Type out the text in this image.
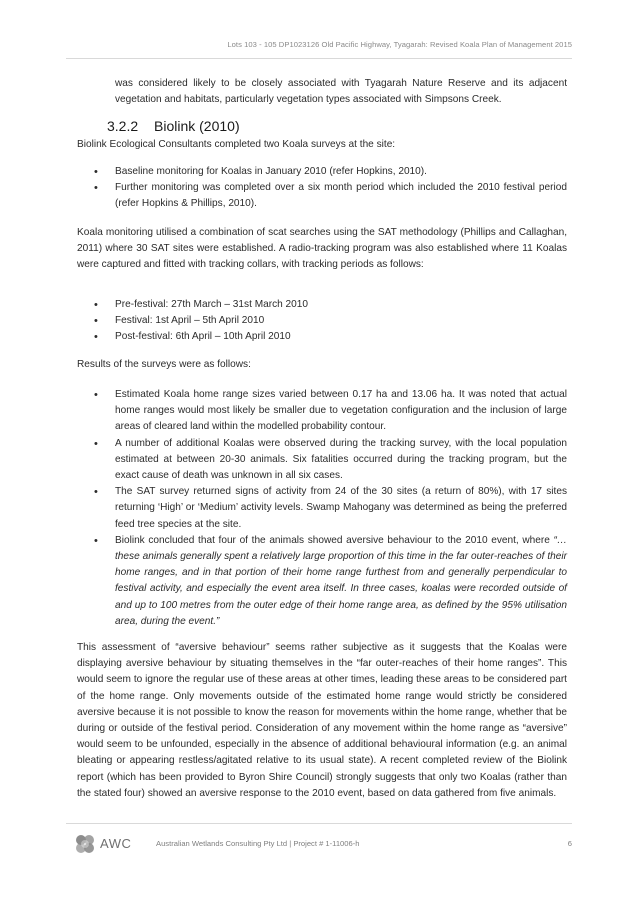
Lots 103 - 105 DP1023126 Old Pacific Highway, Tyagarah: Revised Koala Plan of Management 2015

was considered likely to be closely associated with Tyagarah Nature Reserve and its adjacent vegetation and habitats, particularly vegetation types associated with Simpsons Creek.

3.2.2 Biolink (2010)

Biolink Ecological Consultants completed two Koala surveys at the site:

• Baseline monitoring for Koalas in January 2010 (refer Hopkins, 2010).
• Further monitoring was completed over a six month period which included the 2010 festival period (refer Hopkins & Phillips, 2010).

Koala monitoring utilised a combination of scat searches using the SAT methodology (Phillips and Callaghan, 2011) where 30 SAT sites were established. A radio-tracking program was also established where 11 Koalas were captured and fitted with tracking collars, with tracking periods as follows:

• Pre-festival: 27th March – 31st March 2010
• Festival: 1st April – 5th April 2010
• Post-festival: 6th April – 10th April 2010

Results of the surveys were as follows:

• Estimated Koala home range sizes varied between 0.17 ha and 13.06 ha. It was noted that actual home ranges would most likely be smaller due to vegetation configuration and the inclusion of large areas of cleared land within the modelled probability contour.
• A number of additional Koalas were observed during the tracking survey, with the local population estimated at between 20-30 animals. Six fatalities occurred during the tracking program, but the exact cause of death was unknown in all six cases.
• The SAT survey returned signs of activity from 24 of the 30 sites (a return of 80%), with 17 sites returning ‘High’ or ‘Medium’ activity levels. Swamp Mahogany was determined as being the preferred feed tree species at the site.
• Biolink concluded that four of the animals showed aversive behaviour to the 2010 event, where “…these animals generally spent a relatively large proportion of this time in the far outer-reaches of their home ranges, and in that portion of their home range furthest from and generally perpendicular to festival activity, and especially the event area itself. In three cases, koalas were recorded outside of and up to 100 metres from the outer edge of their home range area, as defined by the 95% utilisation area, during the event.”

This assessment of “aversive behaviour” seems rather subjective as it suggests that the Koalas were displaying aversive behaviour by situating themselves in the “far outer-reaches of their home ranges”. This would seem to ignore the regular use of these areas at other times, leading these areas to be considered part of the home range. Only movements outside of the estimated home range would strictly be considered aversive because it is not possible to know the reason for movements within the home range, whether that be during or outside of the festival period. Consideration of any movement within the home range as “aversive” would seem to be unfounded, especially in the absence of additional behavioural information (e.g. an animal bleating or appearing restless/agitated relative to its usual state). A recent completed review of the Biolink report (which has been provided to Byron Shire Council) strongly suggests that only two Koalas (rather than the stated four) showed an aversive response to the 2010 event, based on data gathered from five animals.

AWC	Australian Wetlands Consulting Pty Ltd | Project # 1-11006-h	6
